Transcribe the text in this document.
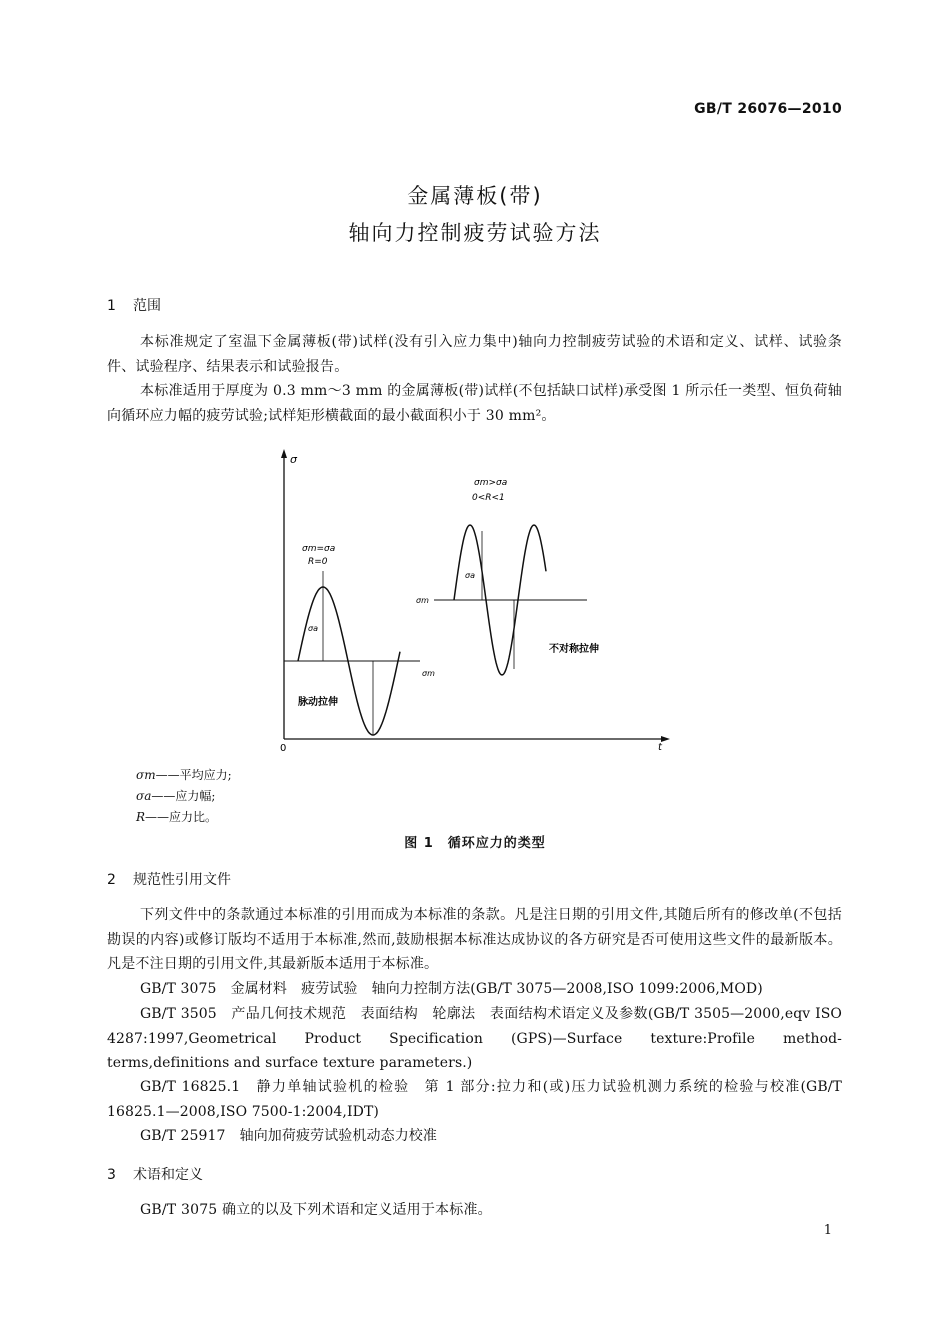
GB/T 26076—2010
金属薄板(带)
轴向力控制疲劳试验方法
1 范围
本标准规定了室温下金属薄板(带)试样(没有引入应力集中)轴向力控制疲劳试验的术语和定义、试样、试验条件、试验程序、结果表示和试验报告。
本标准适用于厚度为 0.3 mm～3 mm 的金属薄板(带)试样(不包括缺口试样)承受图 1 所示任一类型、恒负荷轴向循环应力幅的疲劳试验;试样矩形横截面的最小截面积小于 30 mm²。
σ
t
0
σm=σa
R=0
σa
σm
脉动拉伸
σm>σa
0<R<1
σa
σm
不对称拉伸
σm——平均应力;
σa——应力幅;
R——应力比。
图 1　循环应力的类型
2 规范性引用文件
下列文件中的条款通过本标准的引用而成为本标准的条款。凡是注日期的引用文件,其随后所有的修改单(不包括勘误的内容)或修订版均不适用于本标准,然而,鼓励根据本标准达成协议的各方研究是否可使用这些文件的最新版本。凡是不注日期的引用文件,其最新版本适用于本标准。
GB/T 3075　金属材料　疲劳试验　轴向力控制方法(GB/T 3075—2008,ISO 1099:2006,MOD)
GB/T 3505　产品几何技术规范　表面结构　轮廓法　表面结构术语定义及参数(GB/T 3505—2000,eqv ISO 4287:1997,Geometrical Product Specification (GPS)—Surface texture:Profile method-terms,definitions and surface texture parameters.)
GB/T 16825.1　静力单轴试验机的检验　第 1 部分:拉力和(或)压力试验机测力系统的检验与校准(GB/T 16825.1—2008,ISO 7500-1:2004,IDT)
GB/T 25917　轴向加荷疲劳试验机动态力校准
3 术语和定义
GB/T 3075 确立的以及下列术语和定义适用于本标准。
1
